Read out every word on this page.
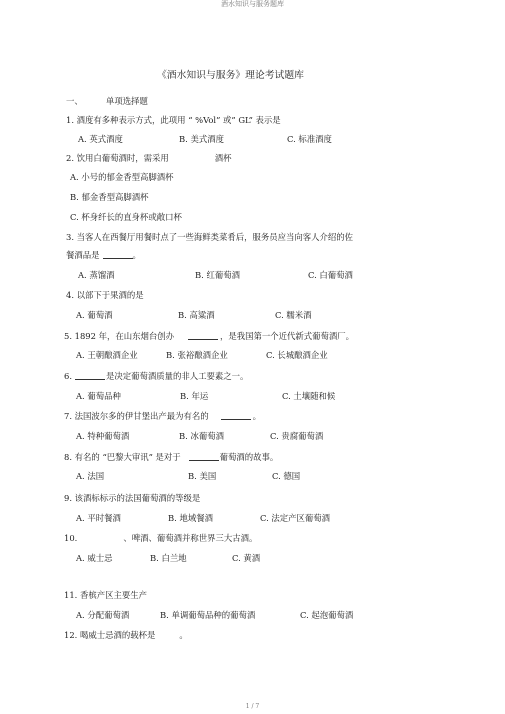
酒水知识与服务题库
《酒水知识与服务》理论考试题库
一、	单项选择题
1. 酒度有多种表示方式，此项用 “ %Vol” 或” GL” 表示是
A. 英式酒度	B. 美式酒度	C. 标准酒度
2. 饮用白葡萄酒时，需采用	酒杯
A. 小号的郁金香型高脚酒杯
B. 郁金香型高脚酒杯
C. 杯身纤长的直身杯或敞口杯
3. 当客人在西餐厅用餐时点了一些海鲜类菜肴后，服务员应当向客人介绍的佐
餐酒品是	。
A. 蒸馏酒	B. 红葡萄酒	C. 白葡萄酒
4. 以部下于果酒的是
A. 葡萄酒	B. 高粱酒	C. 糯米酒
5. 1892 年，在山东烟台创办	，是我国第一个近代新式葡萄酒厂。
A. 王朝酿酒企业	B. 张裕酿酒企业	C. 长城酿酒企业
6.	是决定葡萄酒质量的非人工要素之一。
A. 葡萄品种	B. 年运	C. 土壤随和候
7. 法国波尔多的伊甘堡出产最为有名的	。
A. 特种葡萄酒	B. 冰葡萄酒	C. 贵腐葡萄酒
8. 有名的 “巴黎大审讯” 是对于	葡萄酒的故事。
A. 法国	B. 美国	C. 德国
9. 该酒标标示的法国葡萄酒的等级是
A. 平时餐酒	B. 地域餐酒	C. 法定产区葡萄酒
10.	、啤酒、葡萄酒并称世界三大古酒。
A. 威士忌	B. 白兰地	C. 黄酒
11. 香槟产区主要生产
A. 分配葡萄酒	B. 单调葡萄品种的葡萄酒	C. 起泡葡萄酒
12. 喝威士忌酒的载杯是	。
1 / 7
